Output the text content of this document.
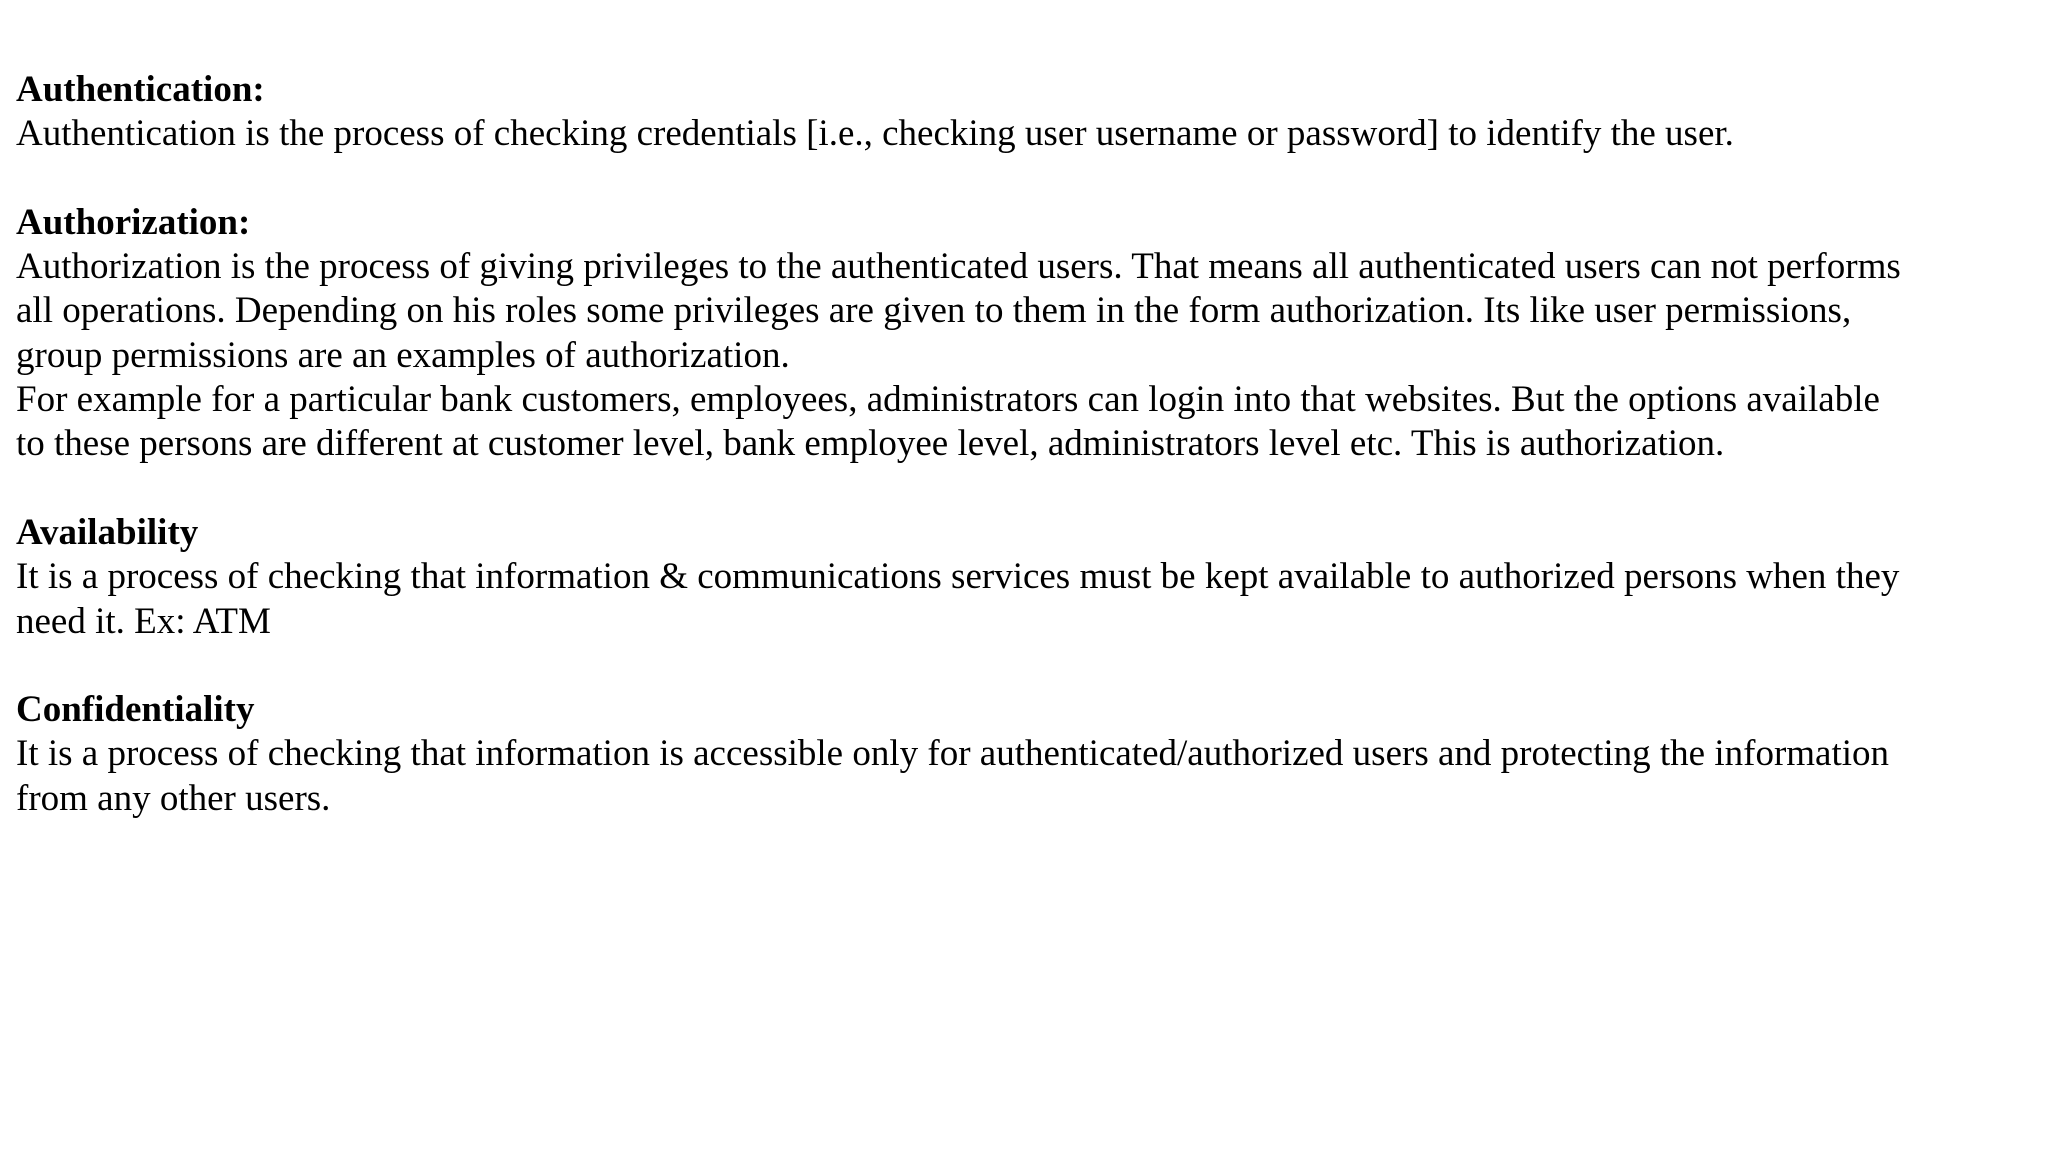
Authentication:
Authentication is the process of checking credentials [i.e., checking user username or password] to identify the user.
Authorization:
Authorization is the process of giving privileges to the authenticated users. That means all authenticated users can not performs
all operations. Depending on his roles some privileges are given to them in the form authorization. Its like user permissions,
group permissions are an examples of authorization.
For example for a particular bank customers, employees, administrators can login into that websites. But the options available
to these persons are different at customer level, bank employee level, administrators level etc. This is authorization.
Availability
It is a process of checking that information & communications services must be kept available to authorized persons when they
need it. Ex: ATM
Confidentiality
It is a process of checking that information is accessible only for authenticated/authorized users and protecting the information
from any other users.
